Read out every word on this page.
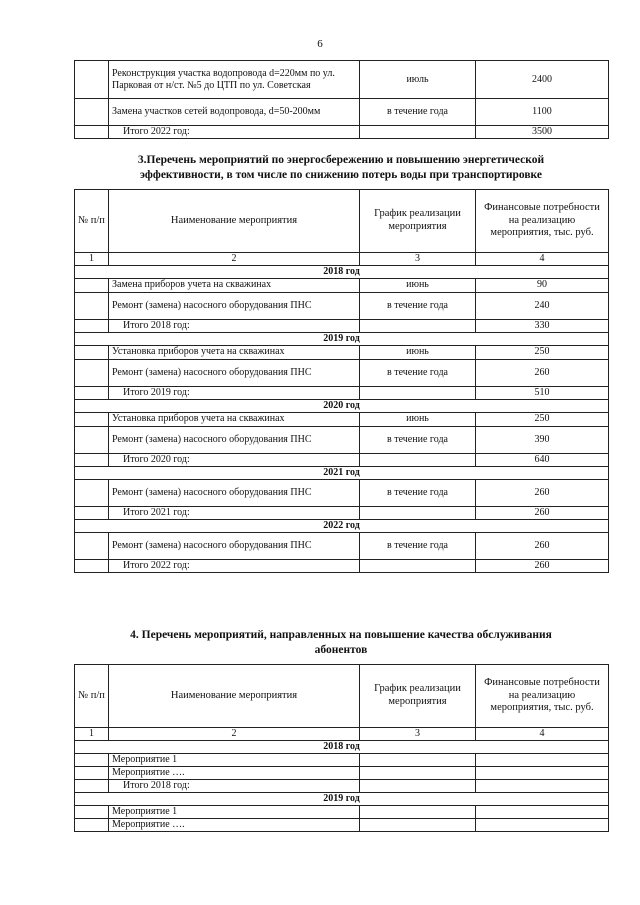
6
	Реконструкция участка водопровода d=220мм по ул. Парковая от н/ст. №5 до ЦТП по ул. Советская	июль	2400
	Замена участков сетей водопровода, d=50-200мм	в течение года	1100
	Итого 2022 год:		3500
3.Перечень мероприятий по энергосбережению и повышению энергетической
эффективности, в том числе по снижению потерь воды при транспортировке
№ п/п	Наименование мероприятия	График реализации мероприятия	Финансовые потребности на реализацию мероприятия, тыс. руб.
1	2	3	4
2018 год			
	Замена приборов учета на скважинах	июнь	90
	Ремонт (замена) насосного оборудования ПНС	в течение года	240
	Итого 2018 год:		330
2019 год			
	Установка приборов учета на скважинах	июнь	250
	Ремонт (замена) насосного оборудования ПНС	в течение года	260
	Итого 2019 год:		510
2020 год			
	Установка приборов учета на скважинах	июнь	250
	Ремонт (замена) насосного оборудования ПНС	в течение года	390
	Итого 2020 год:		640
2021 год			
	Ремонт (замена) насосного оборудования ПНС	в течение года	260
	Итого 2021 год:		260
2022 год			
	Ремонт (замена) насосного оборудования ПНС	в течение года	260
	Итого 2022 год:		260
4. Перечень мероприятий, направленных на повышение качества обслуживания
абонентов
№ п/п	Наименование мероприятия	График реализации мероприятия	Финансовые потребности на реализацию мероприятия, тыс. руб.
1	2	3	4
2018 год			
	Мероприятие 1		
	Мероприятие ….		
	Итого 2018 год:		
2019 год			
	Мероприятие 1		
	Мероприятие ….		
